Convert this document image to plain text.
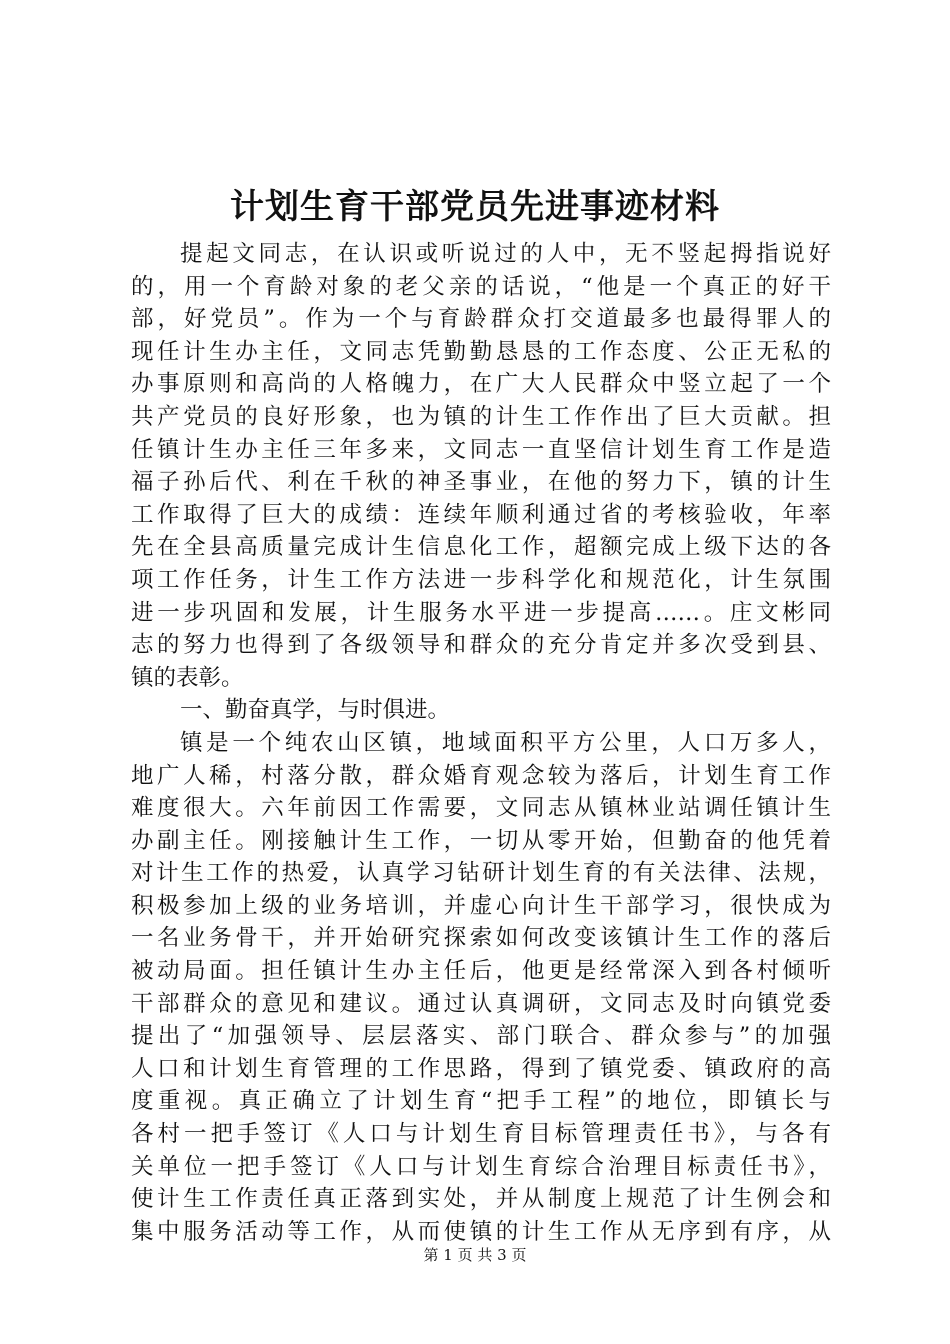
计划生育干部党员先进事迹材料
提起文同志，在认识或听说过的人中，无不竖起拇指说好
的，用一个育龄对象的老父亲的话说，“他是一个真正的好干
部，好党员”。作为一个与育龄群众打交道最多也最得罪人的
现任计生办主任，文同志凭勤勤恳恳的工作态度、公正无私的
办事原则和高尚的人格魄力，在广大人民群众中竖立起了一个
共产党员的良好形象，也为镇的计生工作作出了巨大贡献。担
任镇计生办主任三年多来，文同志一直坚信计划生育工作是造
福子孙后代、利在千秋的神圣事业，在他的努力下，镇的计生
工作取得了巨大的成绩：连续年顺利通过省的考核验收，年率
先在全县高质量完成计生信息化工作，超额完成上级下达的各
项工作任务，计生工作方法进一步科学化和规范化，计生氛围
进一步巩固和发展，计生服务水平进一步提高……。庄文彬同
志的努力也得到了各级领导和群众的充分肯定并多次受到县、
镇的表彰。
一、勤奋真学，与时俱进。
镇是一个纯农山区镇，地域面积平方公里，人口万多人，
地广人稀，村落分散，群众婚育观念较为落后，计划生育工作
难度很大。六年前因工作需要，文同志从镇林业站调任镇计生
办副主任。刚接触计生工作，一切从零开始，但勤奋的他凭着
对计生工作的热爱，认真学习钻研计划生育的有关法律、法规，
积极参加上级的业务培训，并虚心向计生干部学习，很快成为
一名业务骨干，并开始研究探索如何改变该镇计生工作的落后
被动局面。担任镇计生办主任后，他更是经常深入到各村倾听
干部群众的意见和建议。通过认真调研，文同志及时向镇党委
提出了“加强领导、层层落实、部门联合、群众参与”的加强
人口和计划生育管理的工作思路，得到了镇党委、镇政府的高
度重视。真正确立了计划生育“把手工程”的地位，即镇长与
各村一把手签订《人口与计划生育目标管理责任书》，与各有
关单位一把手签订《人口与计划生育综合治理目标责任书》，
使计生工作责任真正落到实处，并从制度上规范了计生例会和
集中服务活动等工作，从而使镇的计生工作从无序到有序，从
第 1 页 共 3 页
